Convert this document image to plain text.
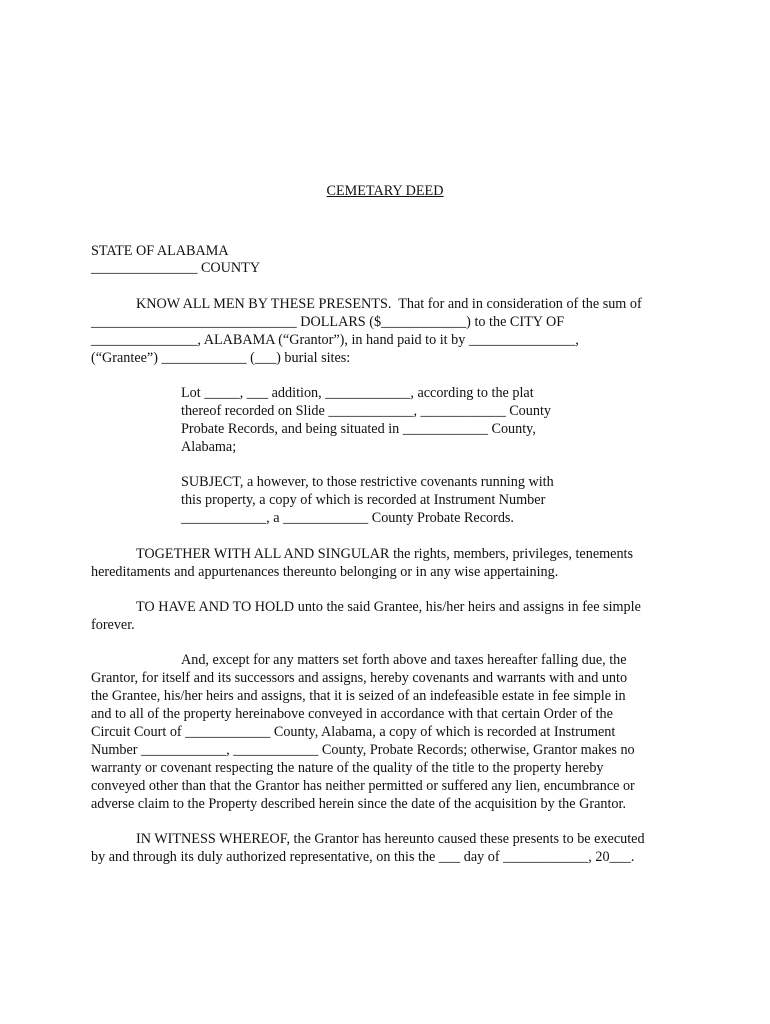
CEMETARY DEED
STATE OF ALABAMA
_______________ COUNTY
KNOW ALL MEN BY THESE PRESENTS.  That for and in consideration of the sum of
_____________________________ DOLLARS ($____________) to the CITY OF
_______________, ALABAMA (“Grantor”), in hand paid to it by _______________,
(“Grantee”) ____________ (___) burial sites:
Lot _____, ___ addition, ____________, according to the plat
thereof recorded on Slide ____________, ____________ County
Probate Records, and being situated in ____________ County,
Alabama;
SUBJECT, a however, to those restrictive covenants running with
this property, a copy of which is recorded at Instrument Number
____________, a ____________ County Probate Records.
TOGETHER WITH ALL AND SINGULAR the rights, members, privileges, tenements
hereditaments and appurtenances thereunto belonging or in any wise appertaining.
TO HAVE AND TO HOLD unto the said Grantee, his/her heirs and assigns in fee simple
forever.
And, except for any matters set forth above and taxes hereafter falling due, the
Grantor, for itself and its successors and assigns, hereby covenants and warrants with and unto
the Grantee, his/her heirs and assigns, that it is seized of an indefeasible estate in fee simple in
and to all of the property hereinabove conveyed in accordance with that certain Order of the
Circuit Court of ____________ County, Alabama, a copy of which is recorded at Instrument
Number ____________, ____________ County, Probate Records; otherwise, Grantor makes no
warranty or covenant respecting the nature of the quality of the title to the property hereby
conveyed other than that the Grantor has neither permitted or suffered any lien, encumbrance or
adverse claim to the Property described herein since the date of the acquisition by the Grantor.
IN WITNESS WHEREOF, the Grantor has hereunto caused these presents to be executed
by and through its duly authorized representative, on this the ___ day of ____________, 20___.
